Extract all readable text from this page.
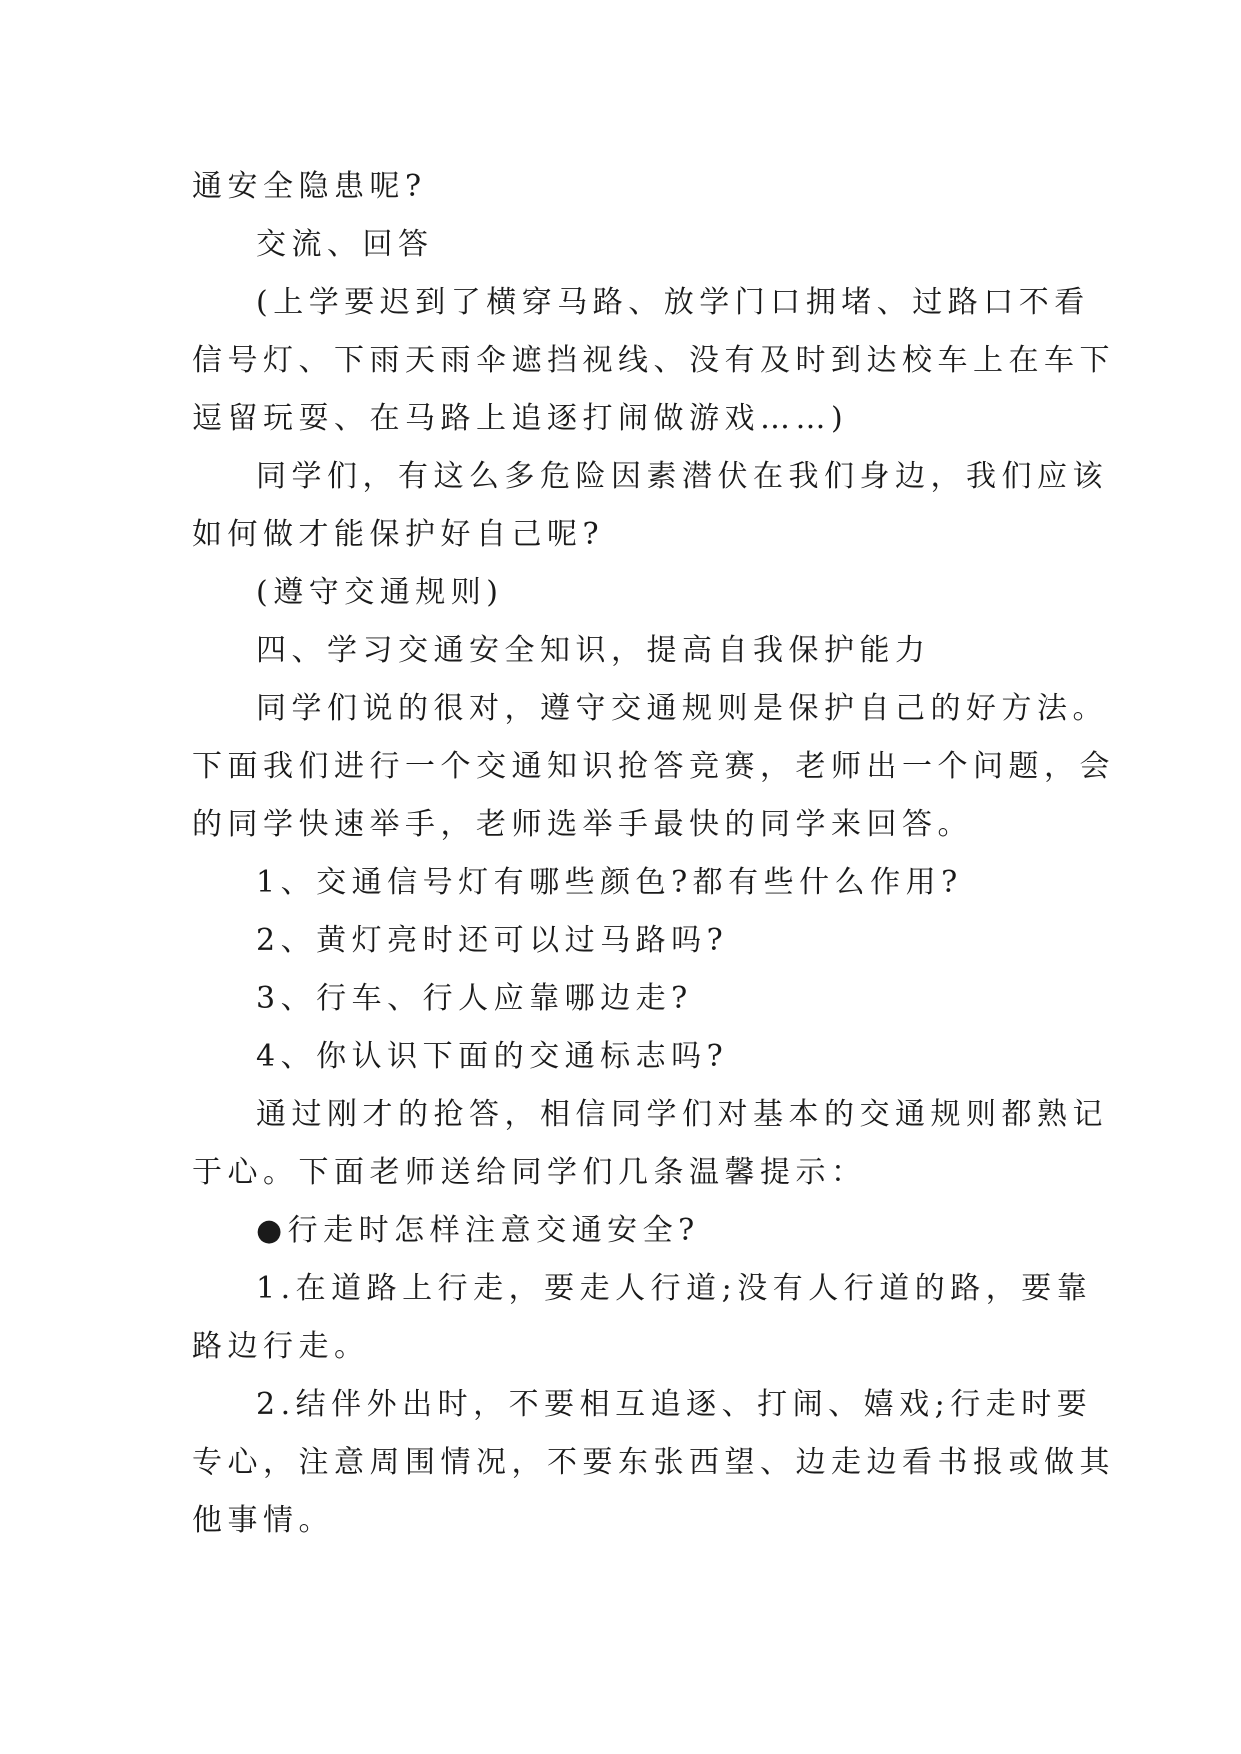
通安全隐患呢?
交流、回答
(上学要迟到了横穿马路、放学门口拥堵、过路口不看
信号灯、下雨天雨伞遮挡视线、没有及时到达校车上在车下
逗留玩耍、在马路上追逐打闹做游戏……)
同学们，有这么多危险因素潜伏在我们身边，我们应该
如何做才能保护好自己呢?
(遵守交通规则)
四、学习交通安全知识，提高自我保护能力
同学们说的很对，遵守交通规则是保护自己的好方法。
下面我们进行一个交通知识抢答竞赛，老师出一个问题，会
的同学快速举手，老师选举手最快的同学来回答。
1、交通信号灯有哪些颜色?都有些什么作用?
2、黄灯亮时还可以过马路吗?
3、行车、行人应靠哪边走?
4、你认识下面的交通标志吗?
通过刚才的抢答，相信同学们对基本的交通规则都熟记
于心。下面老师送给同学们几条温馨提示：
●行走时怎样注意交通安全?
1.在道路上行走，要走人行道;没有人行道的路，要靠
路边行走。
2.结伴外出时，不要相互追逐、打闹、嬉戏;行走时要
专心，注意周围情况，不要东张西望、边走边看书报或做其
他事情。
